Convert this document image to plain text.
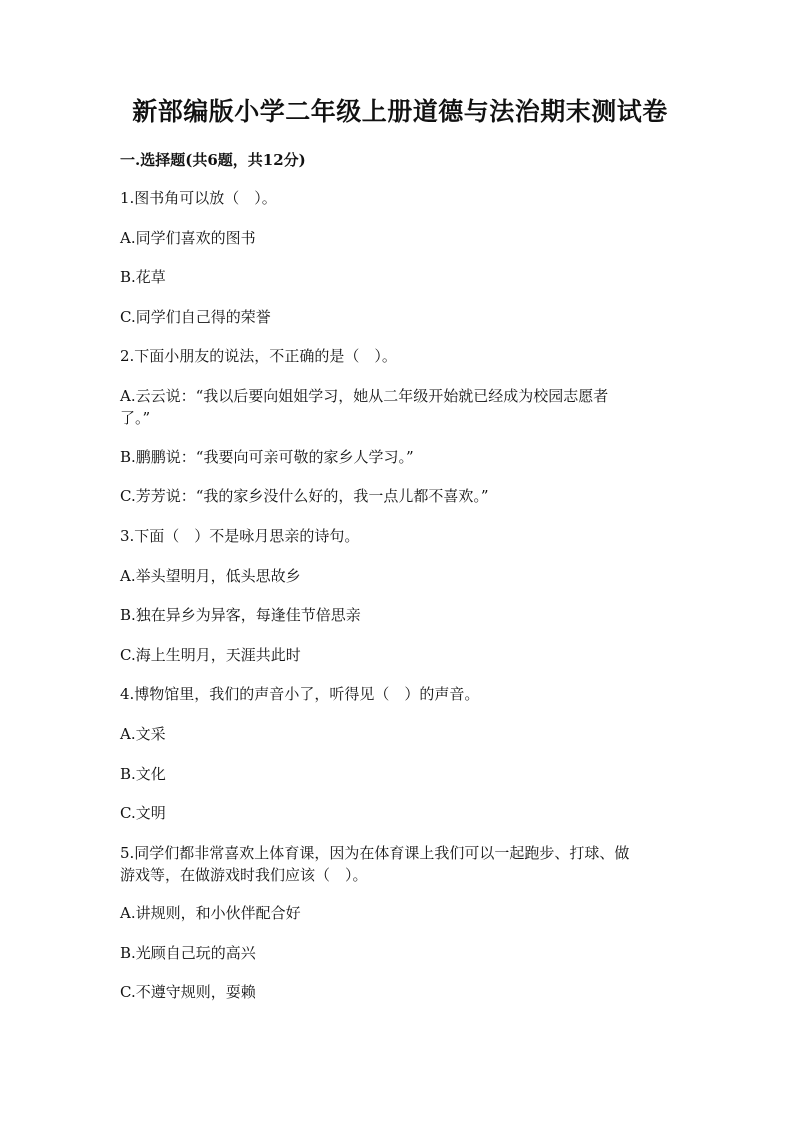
新部编版小学二年级上册道德与法治期末测试卷
一.选择题(共6题，共12分)
1.图书角可以放（　）。
A.同学们喜欢的图书
B.花草
C.同学们自己得的荣誉
2.下面小朋友的说法，不正确的是（　）。
A.云云说：“我以后要向姐姐学习，她从二年级开始就已经成为校园志愿者
了。”
B.鹏鹏说：“我要向可亲可敬的家乡人学习。”
C.芳芳说：“我的家乡没什么好的，我一点儿都不喜欢。”
3.下面（　）不是咏月思亲的诗句。
A.举头望明月，低头思故乡
B.独在异乡为异客，每逢佳节倍思亲
C.海上生明月，天涯共此时
4.博物馆里，我们的声音小了，听得见（　）的声音。
A.文采
B.文化
C.文明
5.同学们都非常喜欢上体育课，因为在体育课上我们可以一起跑步、打球、做
游戏等，在做游戏时我们应该（　）。
A.讲规则，和小伙伴配合好
B.光顾自己玩的高兴
C.不遵守规则，耍赖
